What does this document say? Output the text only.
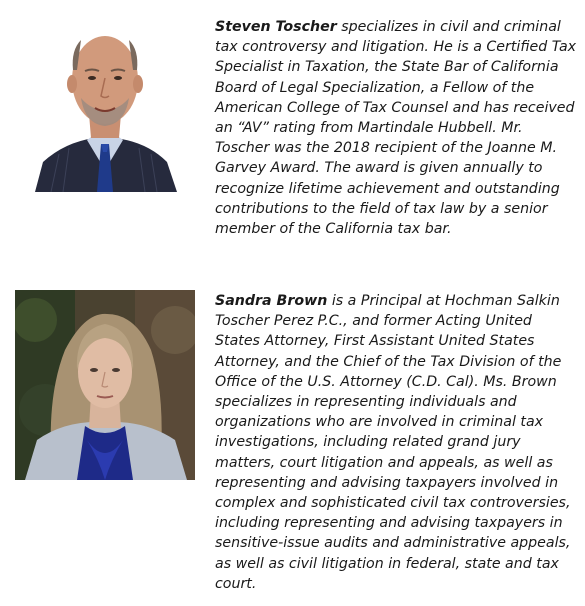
Steven Toscher specializes in civil and criminal tax controversy and litigation. He is a Certified Tax Specialist in Taxation, the State Bar of California Board of Legal Specialization, a Fellow of the American College of Tax Counsel and has received an “AV” rating from Martindale Hubbell. Mr. Toscher was the 2018 recipient of the Joanne M. Garvey Award. The award is given annually to recognize lifetime achievement and outstanding contributions to the field of tax law by a senior member of the California tax bar.
Sandra Brown is a Principal at Hochman Salkin Toscher Perez P.C., and former Acting United States Attorney, First Assistant United States Attorney, and the Chief of the Tax Division of the Office of the U.S. Attorney (C.D. Cal). Ms. Brown specializes in representing individuals and organizations who are involved in criminal tax investigations, including related grand jury matters, court litigation and appeals, as well as representing and advising taxpayers involved in complex and sophisticated civil tax controversies, including representing and advising taxpayers in sensitive-issue audits and administrative appeals, as well as civil litigation in federal, state and tax court.
